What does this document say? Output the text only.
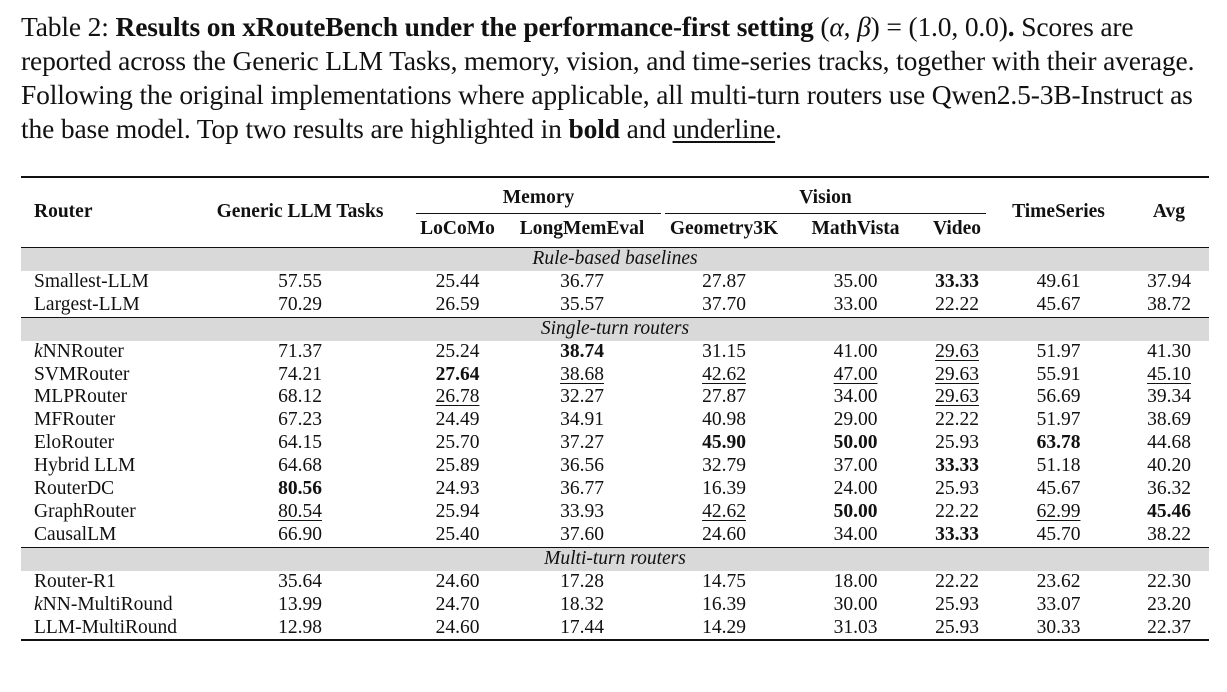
Table 2: Results on xRouteBench under the performance-first setting (α, β) = (1.0, 0.0). Scores are reported across the Generic LLM Tasks, memory, vision, and time-series tracks, together with their average. Following the original implementations where applicable, all multi-turn routers use Qwen2.5-3B-Instruct as the base model. Top two results are highlighted in bold and underline.
Router	Generic LLM Tasks	Memory		Vision			TimeSeries	Avg
		LoCoMo	LongMemEval	Geometry3K	MathVista	Video		
Rule-based baselines								
Smallest-LLM	57.55	25.44	36.77	27.87	35.00	33.33	49.61	37.94
Largest-LLM	70.29	26.59	35.57	37.70	33.00	22.22	45.67	38.72
Single-turn routers								
kNNRouter	71.37	25.24	38.74	31.15	41.00	29.63	51.97	41.30
SVMRouter	74.21	27.64	38.68	42.62	47.00	29.63	55.91	45.10
MLPRouter	68.12	26.78	32.27	27.87	34.00	29.63	56.69	39.34
MFRouter	67.23	24.49	34.91	40.98	29.00	22.22	51.97	38.69
EloRouter	64.15	25.70	37.27	45.90	50.00	25.93	63.78	44.68
Hybrid LLM	64.68	25.89	36.56	32.79	37.00	33.33	51.18	40.20
RouterDC	80.56	24.93	36.77	16.39	24.00	25.93	45.67	36.32
GraphRouter	80.54	25.94	33.93	42.62	50.00	22.22	62.99	45.46
CausalLM	66.90	25.40	37.60	24.60	34.00	33.33	45.70	38.22
Multi-turn routers								
Router-R1	35.64	24.60	17.28	14.75	18.00	22.22	23.62	22.30
kNN-MultiRound	13.99	24.70	18.32	16.39	30.00	25.93	33.07	23.20
LLM-MultiRound	12.98	24.60	17.44	14.29	31.03	25.93	30.33	22.37
